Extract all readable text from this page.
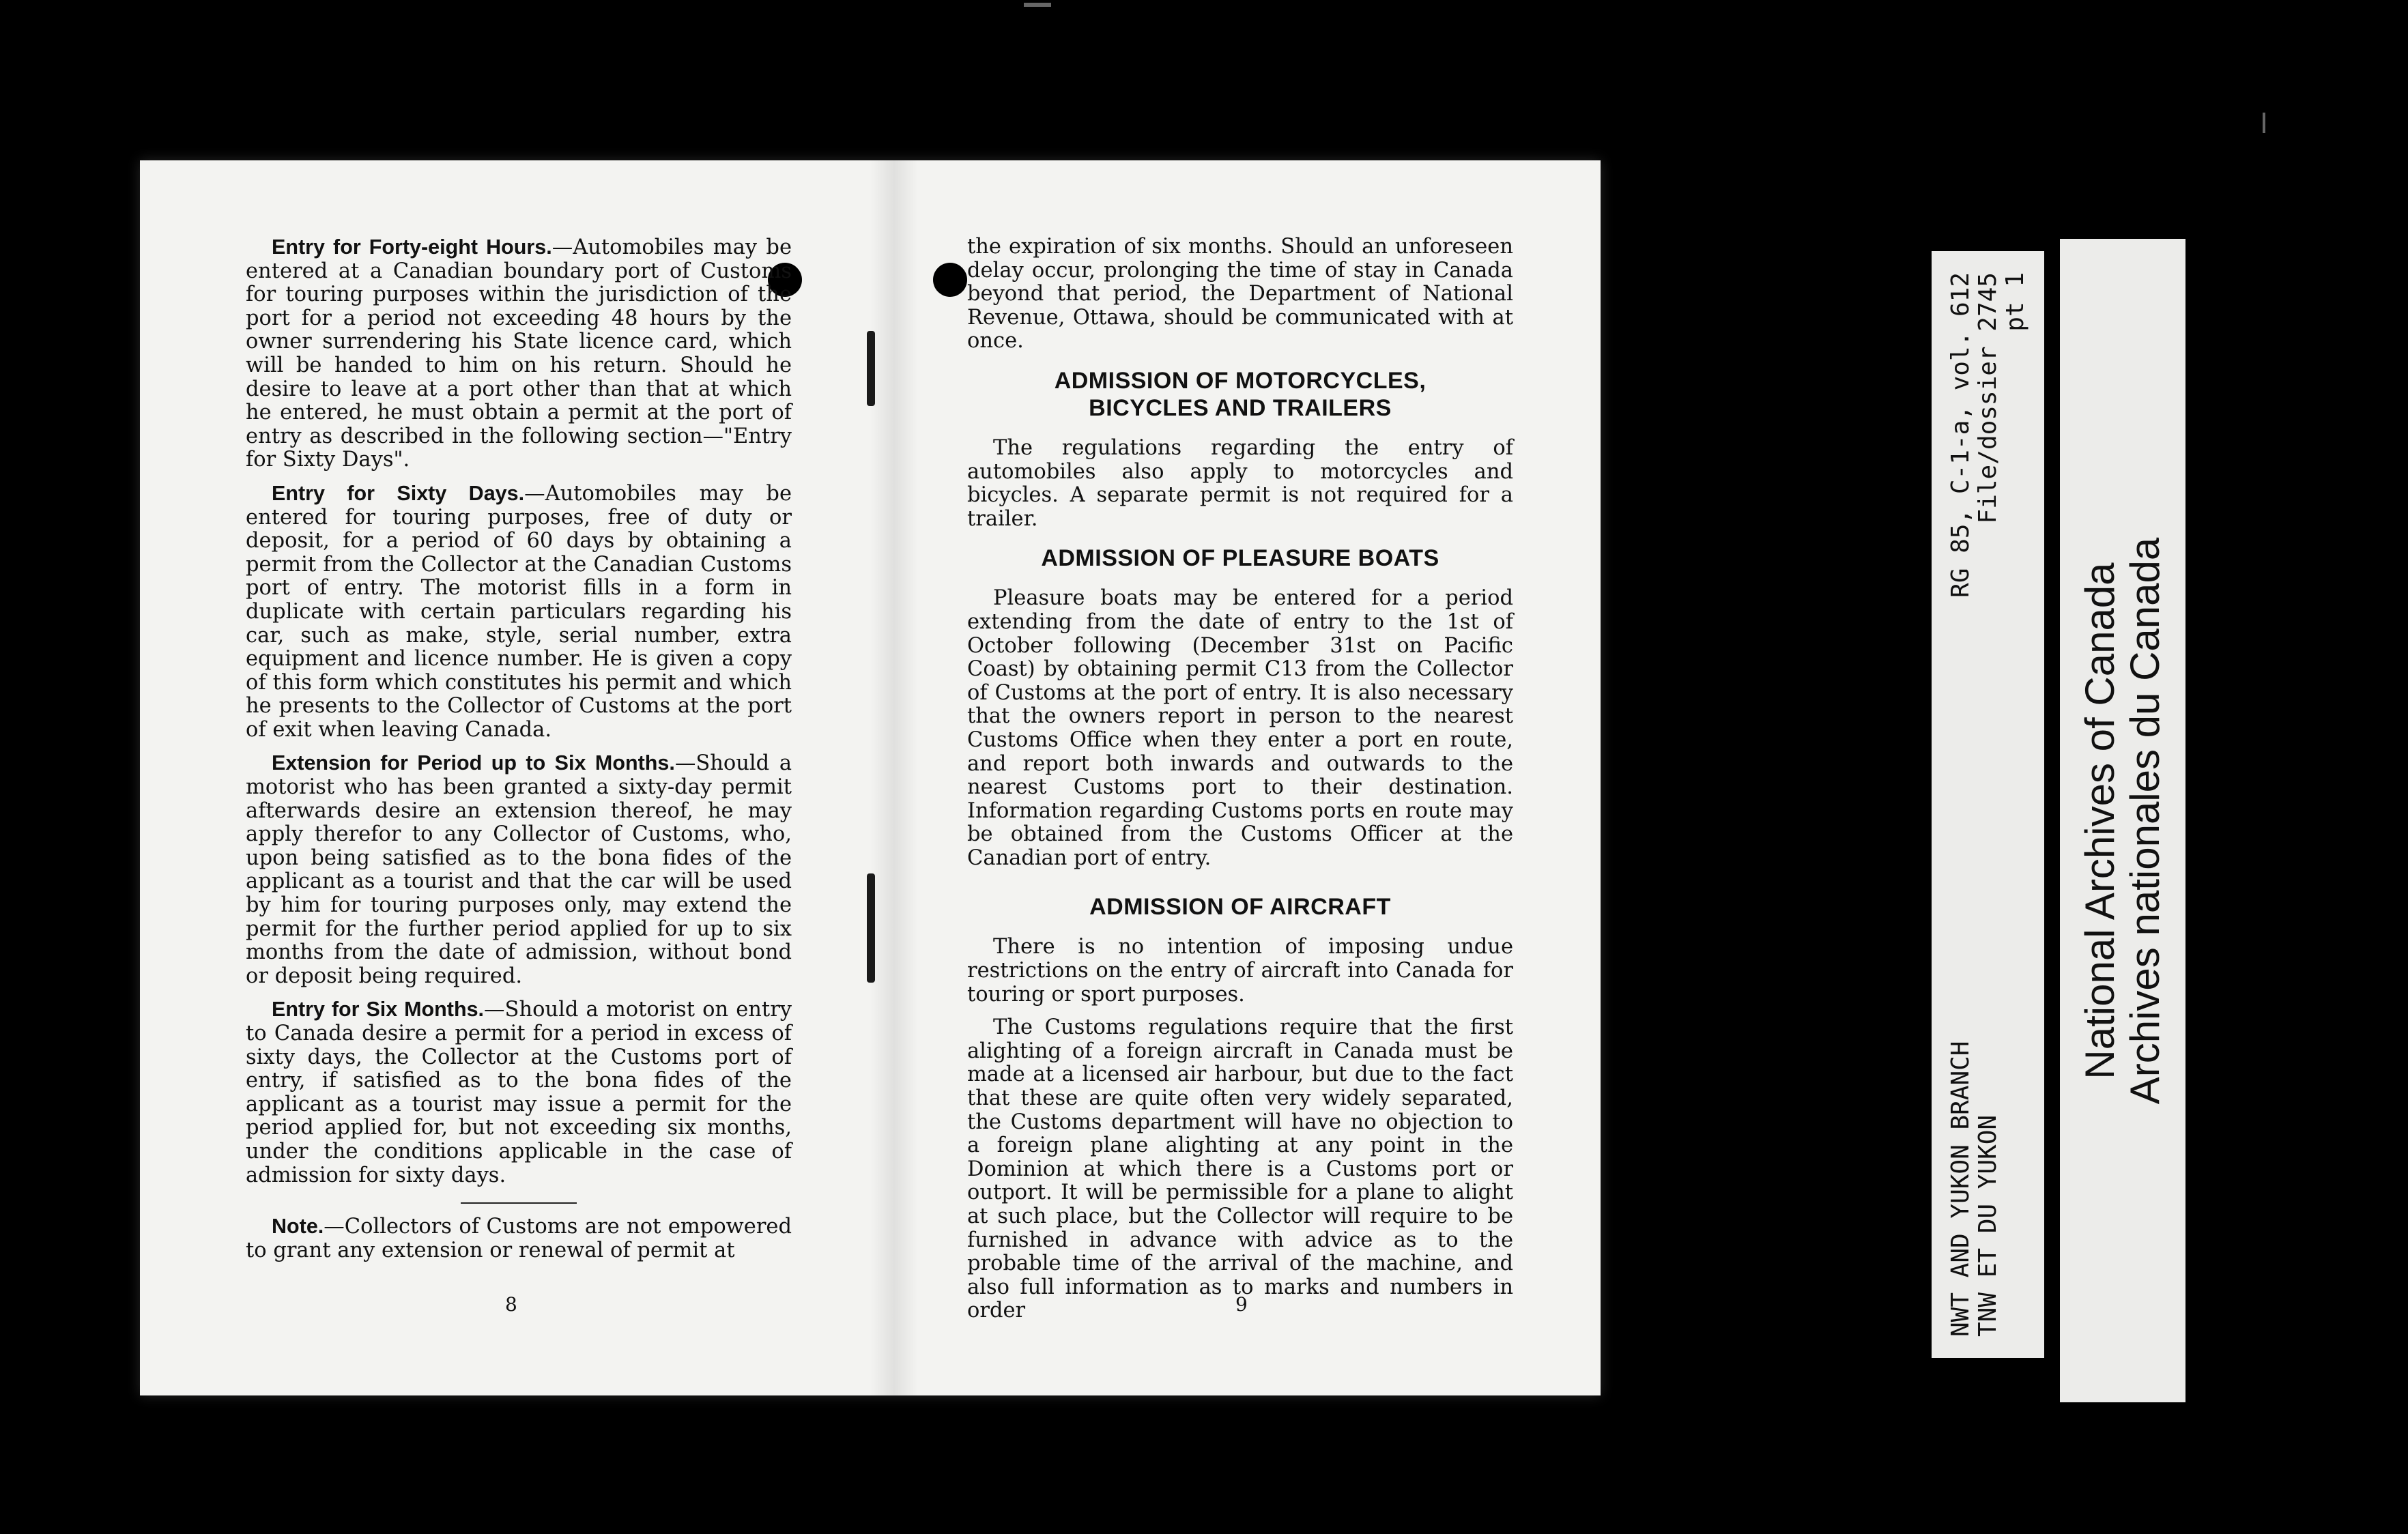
Entry for Forty-eight Hours.—Automobiles may be entered at a Canadian boundary port of Customs for touring purposes within the jurisdiction of the port for a period not exceeding 48 hours by the owner surrendering his State licence card, which will be handed to him on his return. Should he desire to leave at a port other than that at which he entered, he must obtain a permit at the port of entry as described in the following section—"Entry for Sixty Days".

Entry for Sixty Days.—Automobiles may be entered for touring purposes, free of duty or deposit, for a period of 60 days by obtaining a permit from the Collector at the Canadian Customs port of entry. The motorist fills in a form in duplicate with certain particulars regarding his car, such as make, style, serial number, extra equipment and licence number. He is given a copy of this form which constitutes his permit and which he presents to the Collector of Customs at the port of exit when leaving Canada.

Extension for Period up to Six Months.—Should a motorist who has been granted a sixty-day permit afterwards desire an extension thereof, he may apply therefor to any Collector of Customs, who, upon being satisfied as to the bona fides of the applicant as a tourist and that the car will be used by him for touring purposes only, may extend the permit for the further period applied for up to six months from the date of admission, without bond or deposit being required.

Entry for Six Months.—Should a motorist on entry to Canada desire a permit for a period in excess of sixty days, the Collector at the Customs port of entry, if satisfied as to the bona fides of the applicant as a tourist may issue a permit for the period applied for, but not exceeding six months, under the conditions applicable in the case of admission for sixty days.

Note.—Collectors of Customs are not empowered to grant any extension or renewal of permit at

8

the expiration of six months. Should an unforeseen delay occur, prolonging the time of stay in Canada beyond that period, the Department of National Revenue, Ottawa, should be communicated with at once.

ADMISSION OF MOTORCYCLES,
BICYCLES AND TRAILERS

The regulations regarding the entry of automobiles also apply to motorcycles and bicycles. A separate permit is not required for a trailer.

ADMISSION OF PLEASURE BOATS

Pleasure boats may be entered for a period extending from the date of entry to the 1st of October following (December 31st on Pacific Coast) by obtaining permit C13 from the Collector of Customs at the port of entry. It is also necessary that the owners report in person to the nearest Customs Office when they enter a port en route, and report both inwards and outwards to the nearest Customs port to their destination. Information regarding Customs ports en route may be obtained from the Customs Officer at the Canadian port of entry.

ADMISSION OF AIRCRAFT

There is no intention of imposing undue restrictions on the entry of aircraft into Canada for touring or sport purposes.

The Customs regulations require that the first alighting of a foreign aircraft in Canada must be made at a licensed air harbour, but due to the fact that these are quite often very widely separated, the Customs department will have no objection to a foreign plane alighting at any point in the Dominion at which there is a Customs port or outport. It will be permissible for a plane to alight at such place, but the Collector will require to be furnished in advance with advice as to the probable time of the arrival of the machine, and also full information as to marks and numbers in order	9	NWT AND YUKON BRANCH
RG 85, C-1-a, vol. 612
TNW ET DU YUKON
File/dossier 2745 pt 1
National Archives of Canada Archives nationales du Canada
